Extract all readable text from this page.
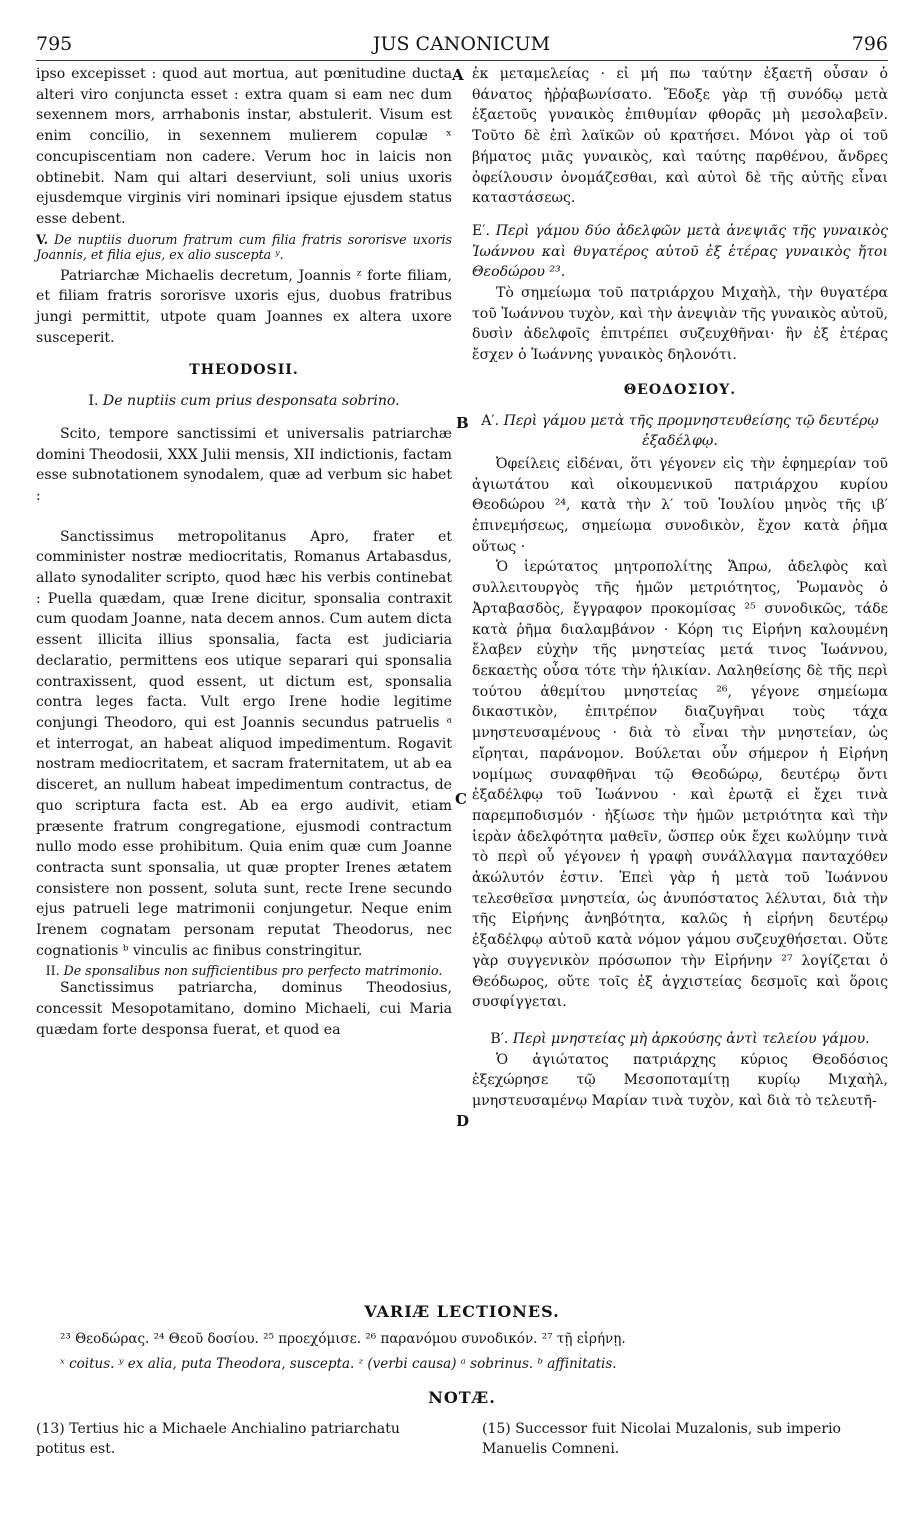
795	JUS CANONICUM	796

ipso excepisset : quod aut mortua, aut pœnitudine ducta alteri viro conjuncta esset : extra quam si eam nec dum sexennem mors, arrhabonis instar, abstulerit. Visum est enim concilio, in sexennem mulierem copulæ ˣ concupiscentiam non cadere. Verum hoc in laicis non obtinebit. Nam qui altari deserviunt, soli unius uxoris ejusdemque virginis viri nominari ipsique ejusdem status esse debent.

V. De nuptiis duorum fratrum cum filia fratris sororisve uxoris Joannis, et filia ejus, ex alio suscepta ʸ.

Patriarchæ Michaelis decretum, Joannis ᶻ forte filiam, et filiam fratris sororisve uxoris ejus, duobus fratribus jungi permittit, utpote quam Joannes ex altera uxore susceperit.

THEODOSII.

I. De nuptiis cum prius desponsata sobrino.

Scito, tempore sanctissimi et universalis patriarchæ domini Theodosii, XXX Julii mensis, XII indictionis, factam esse subnotationem synodalem, quæ ad verbum sic habet :

Sanctissimus metropolitanus Apro, frater et comminister nostræ mediocritatis, Romanus Artabasdus, allato synodaliter scripto, quod hæc his verbis continebat : Puella quædam, quæ Irene dicitur, sponsalia contraxit cum quodam Joanne, nata decem annos. Cum autem dicta essent illicita illius sponsalia, facta est judiciaria declaratio, permittens eos utique separari qui sponsalia contraxissent, quod essent, ut dictum est, sponsalia contra leges facta. Vult ergo Irene hodie legitime conjungi Theodoro, qui est Joannis secundus patruelis ᵃ et interrogat, an habeat aliquod impedimentum. Rogavit nostram mediocritatem, et sacram fraternitatem, ut ab ea disceret, an nullum habeat impedimentum contractus, de quo scriptura facta est. Ab ea ergo audivit, etiam præsente fratrum congregatione, ejusmodi contractum nullo modo esse prohibitum. Quia enim quæ cum Joanne contracta sunt sponsalia, ut quæ propter Irenes ætatem consistere non possent, soluta sunt, recte Irene secundo ejus patrueli lege matrimonii conjungetur. Neque enim Irenem cognatam personam reputat Theodorus, nec cognationis ᵇ vinculis ac finibus constringitur.

II. De sponsalibus non sufficientibus pro perfecto matrimonio.

Sanctissimus patriarcha, dominus Theodosius, concessit Mesopotamitano, domino Michaeli, cui Maria quædam forte desponsa fuerat, et quod ea

A
B
C
D

ἐκ μεταμελείας · εἰ μή πω ταύτην ἑξαετῆ οὖσαν ὁ θάνατος ἠῤῥαβωνίσατο. Ἔδοξε γὰρ τῇ συνόδῳ μετὰ ἑξαετοῦς γυναικὸς ἐπιθυμίαν φθορᾶς μὴ μεσολαβεῖν. Τοῦτο δὲ ἐπὶ λαϊκῶν οὐ κρατήσει. Μόνοι γὰρ οἱ τοῦ βήματος μιᾶς γυναικὸς, καὶ ταύτης παρθένου, ἄνδρες ὀφείλουσιν ὀνομάζεσθαι, καὶ αὐτοὶ δὲ τῆς αὐτῆς εἶναι καταστάσεως.

Ε′. Περὶ γάμου δύο ἀδελφῶν μετὰ ἀνεψιᾶς τῆς γυναικὸς Ἰωάννου καὶ θυγατέρος αὐτοῦ ἐξ ἑτέρας γυναικὸς ἤτοι Θεοδώρου ²³.

Τὸ σημείωμα τοῦ πατριάρχου Μιχαὴλ, τὴν θυγατέρα τοῦ Ἰωάννου τυχὸν, καὶ τὴν ἀνεψιὰν τῆς γυναικὸς αὐτοῦ, δυσὶν ἀδελφοῖς ἐπιτρέπει συζευχθῆναι· ἣν ἐξ ἑτέρας ἔσχεν ὁ Ἰωάννης γυναικὸς δηλονότι.

ΘΕΟΔΟΣΙΟΥ.

Α′. Περὶ γάμου μετὰ τῆς προμνηστευθείσης τῷ δευτέρῳ ἐξαδέλφῳ.

Ὀφείλεις εἰδέναι, ὅτι γέγονεν εἰς τὴν ἐφημερίαν τοῦ ἁγιωτάτου καὶ οἰκουμενικοῦ πατριάρχου κυρίου Θεοδώρου ²⁴, κατὰ τὴν λ′ τοῦ Ἰουλίου μηνὸς τῆς ιβ′ ἐπινεμήσεως, σημείωμα συνοδικὸν, ἔχον κατὰ ῥῆμα οὕτως ·

Ὁ ἱερώτατος μητροπολίτης Ἄπρω, ἀδελφὸς καὶ συλλειτουργὸς τῆς ἡμῶν μετριότητος, Ῥωμανὸς ὁ Ἀρταβασδὸς, ἔγγραφον προκομίσας ²⁵ συνοδικῶς, τάδε κατὰ ῥῆμα διαλαμβάνον · Κόρη τις Εἰρήνη καλουμένη ἔλαβεν εὐχὴν τῆς μνηστείας μετά τινος Ἰωάννου, δεκαετὴς οὖσα τότε τὴν ἡλικίαν. Λαληθείσης δὲ τῆς περὶ τούτου ἀθεμίτου μνηστείας ²⁶, γέγονε σημείωμα δικαστικὸν, ἐπιτρέπον διαζυγῆναι τοὺς τάχα μνηστευσαμένους · διὰ τὸ εἶναι τὴν μνηστείαν, ὡς εἴρηται, παράνομον. Βούλεται οὖν σήμερον ἡ Εἰρήνη νομίμως συναφθῆναι τῷ Θεοδώρῳ, δευτέρῳ ὄντι ἐξαδέλφῳ τοῦ Ἰωάννου · καὶ ἐρωτᾷ εἰ ἔχει τινὰ παρεμποδισμόν · ἠξίωσε τὴν ἡμῶν μετριότητα καὶ τὴν ἱερὰν ἀδελφότητα μαθεῖν, ὥσπερ οὐκ ἔχει κωλύμην τινὰ τὸ περὶ οὗ γέγονεν ἡ γραφὴ συνάλλαγμα πανταχόθεν ἀκώλυτόν ἐστιν. Ἐπεὶ γὰρ ἡ μετὰ τοῦ Ἰωάννου τελεσθεῖσα μνηστεία, ὡς ἀνυπόστατος λέλυται, διὰ τὴν τῆς Εἰρήνης ἀνηβότητα, καλῶς ἡ εἰρήνη δευτέρῳ ἐξαδέλφῳ αὐτοῦ κατὰ νόμον γάμου συζευχθήσεται. Οὔτε γὰρ συγγενικὸν πρόσωπον τὴν Εἰρήνην ²⁷ λογίζεται ὁ Θεόδωρος, οὔτε τοῖς ἐξ ἀγχιστείας δεσμοῖς καὶ ὅροις συσφίγγεται.

Β′. Περὶ μνηστείας μὴ ἀρκούσης ἀντὶ τελείου γάμου.

Ὁ ἁγιώτατος πατριάρχης κύριος Θεοδόσιος ἐξεχώρησε τῷ Μεσοποταμίτῃ κυρίῳ Μιχαὴλ, μνηστευσαμένῳ Μαρίαν τινὰ τυχὸν, καὶ διὰ τὸ τελευτῆ-

VARIÆ LECTIONES.
²³ Θεοδώρας. ²⁴ Θεοῦ δοσίου. ²⁵ προεχόμισε. ²⁶ παρανόμου συνοδικόν. ²⁷ τῇ εἰρήνῃ.
ˣ coitus. ʸ ex alia, puta Theodora, suscepta. ᶻ (verbi causa) ᵃ sobrinus. ᵇ affinitatis.
NOTÆ.
(13) Tertius hic a Michaele Anchialino patriarchatu potitus est.
(15) Successor fuit Nicolai Muzalonis, sub imperio Manuelis Comneni.
